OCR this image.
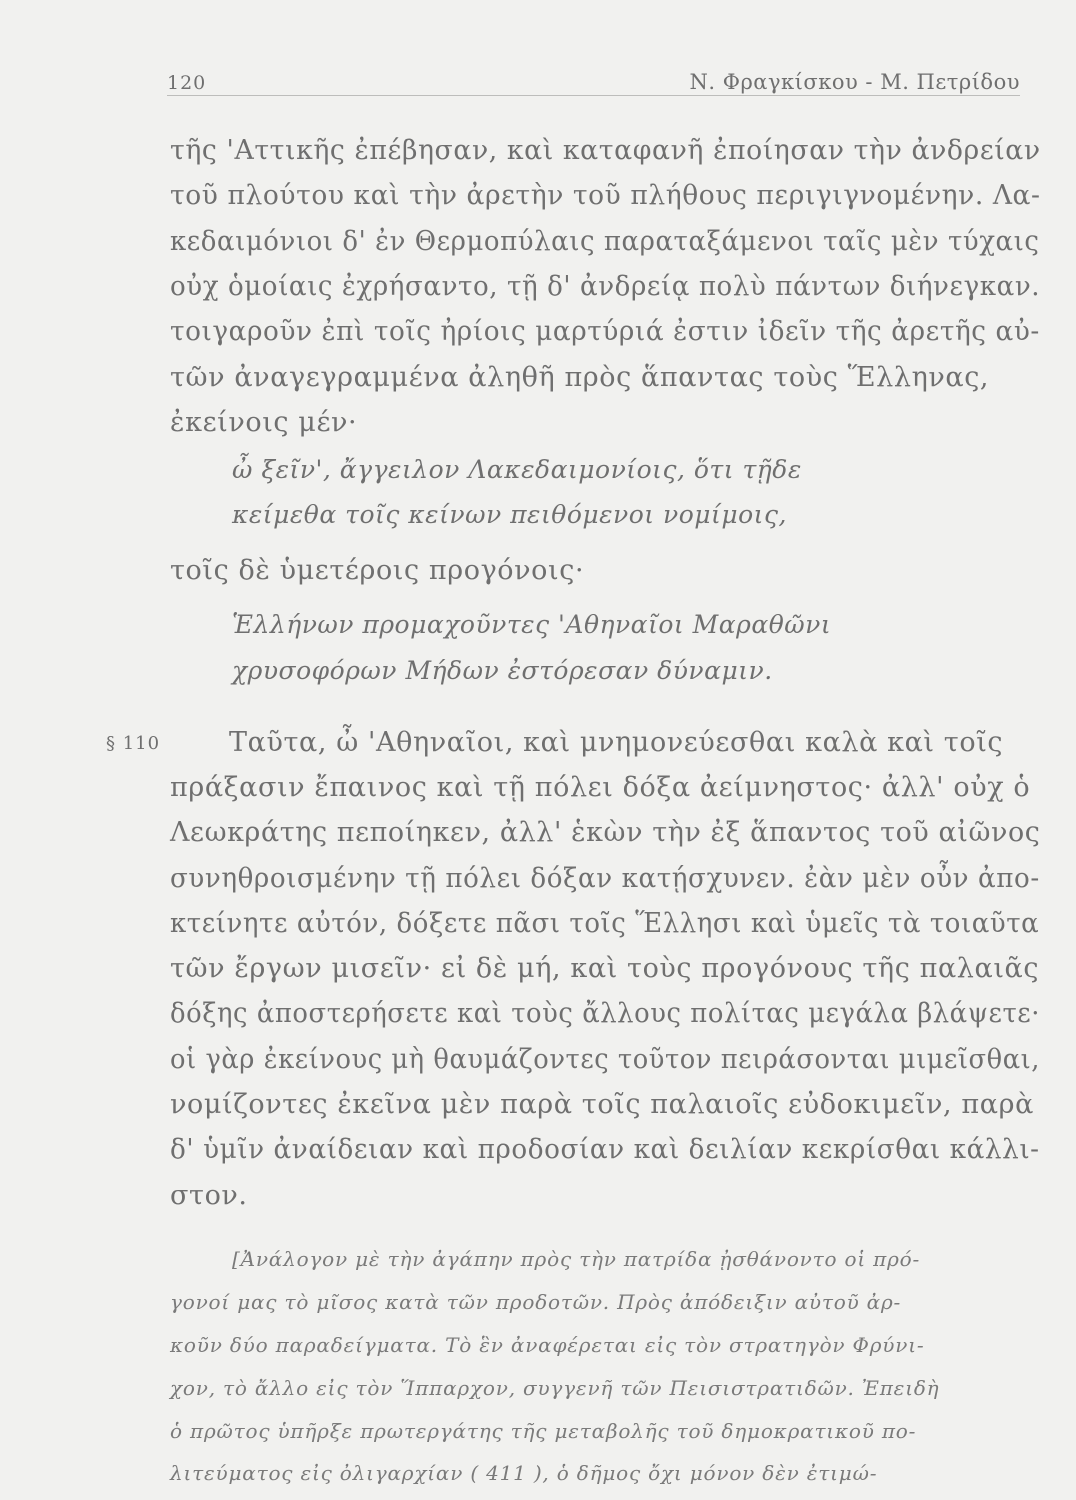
120	Ν. Φραγκίσκου - Μ. Πετρίδου
τῆς 'Αττικῆς ἐπέβησαν, καὶ καταφανῆ ἐποίησαν τὴν ἀνδρείαν
τοῦ πλούτου καὶ τὴν ἀρετὴν τοῦ πλήθους περιγιγνομένην. Λα-
κεδαιμόνιοι δ' ἐν Θερμοπύλαις παραταξάμενοι ταῖς μὲν τύχαις
οὐχ ὁμοίαις ἐχρήσαντο, τῇ δ' ἀνδρείᾳ πολὺ πάντων διήνεγκαν.
τοιγαροῦν ἐπὶ τοῖς ἠρίοις μαρτύριά ἐστιν ἰδεῖν τῆς ἀρετῆς αὐ-
τῶν ἀναγεγραμμένα ἀληθῆ πρὸς ἅπαντας τοὺς Ἕλληνας,
ἐκείνοις μέν·
ὦ ξεῖν', ἄγγειλον Λακεδαιμονίοις, ὅτι τῇδε
κείμεθα τοῖς κείνων πειθόμενοι νομίμοις,
τοῖς δὲ ὑμετέροις προγόνοις·
Ἑλλήνων προμαχοῦντες 'Αθηναῖοι Μαραθῶνι
χρυσοφόρων Μήδων ἐστόρεσαν δύναμιν.
§ 110	Ταῦτα, ὦ 'Αθηναῖοι, καὶ μνημονεύεσθαι καλὰ καὶ τοῖς
πράξασιν ἔπαινος καὶ τῇ πόλει δόξα ἀείμνηστος· ἀλλ' οὐχ ὁ
Λεωκράτης πεποίηκεν, ἀλλ' ἑκὼν τὴν ἐξ ἅπαντος τοῦ αἰῶνος
συνηθροισμένην τῇ πόλει δόξαν κατῄσχυνεν. ἐὰν μὲν οὖν ἀπο-
κτείνητε αὐτόν, δόξετε πᾶσι τοῖς Ἕλλησι καὶ ὑμεῖς τὰ τοιαῦτα
τῶν ἔργων μισεῖν· εἰ δὲ μή, καὶ τοὺς προγόνους τῆς παλαιᾶς
δόξης ἀποστερήσετε καὶ τοὺς ἄλλους πολίτας μεγάλα βλάψετε·
οἱ γὰρ ἐκείνους μὴ θαυμάζοντες τοῦτον πειράσονται μιμεῖσθαι,
νομίζοντες ἐκεῖνα μὲν παρὰ τοῖς παλαιοῖς εὐδοκιμεῖν, παρὰ
δ' ὑμῖν ἀναίδειαν καὶ προδοσίαν καὶ δειλίαν κεκρίσθαι κάλλι-
στον.
[Ἀνάλογον μὲ τὴν ἀγάπην πρὸς τὴν πατρίδα ᾐσθάνοντο οἱ πρό-
γονοί μας τὸ μῖσος κατὰ τῶν προδοτῶν. Πρὸς ἀπόδειξιν αὐτοῦ ἀρ-
κοῦν δύο παραδείγματα. Τὸ ἓν ἀναφέρεται εἰς τὸν στρατηγὸν Φρύνι-
χον, τὸ ἄλλο εἰς τὸν Ἵππαρχον, συγγενῆ τῶν Πεισιστρατιδῶν. Ἐπειδὴ
ὁ πρῶτος ὑπῆρξε πρωτεργάτης τῆς μεταβολῆς τοῦ δημοκρατικοῦ πο-
λιτεύματος εἰς ὀλιγαρχίαν ( 411 ), ὁ δῆμος ὄχι μόνον δὲν ἐτιμώ-
